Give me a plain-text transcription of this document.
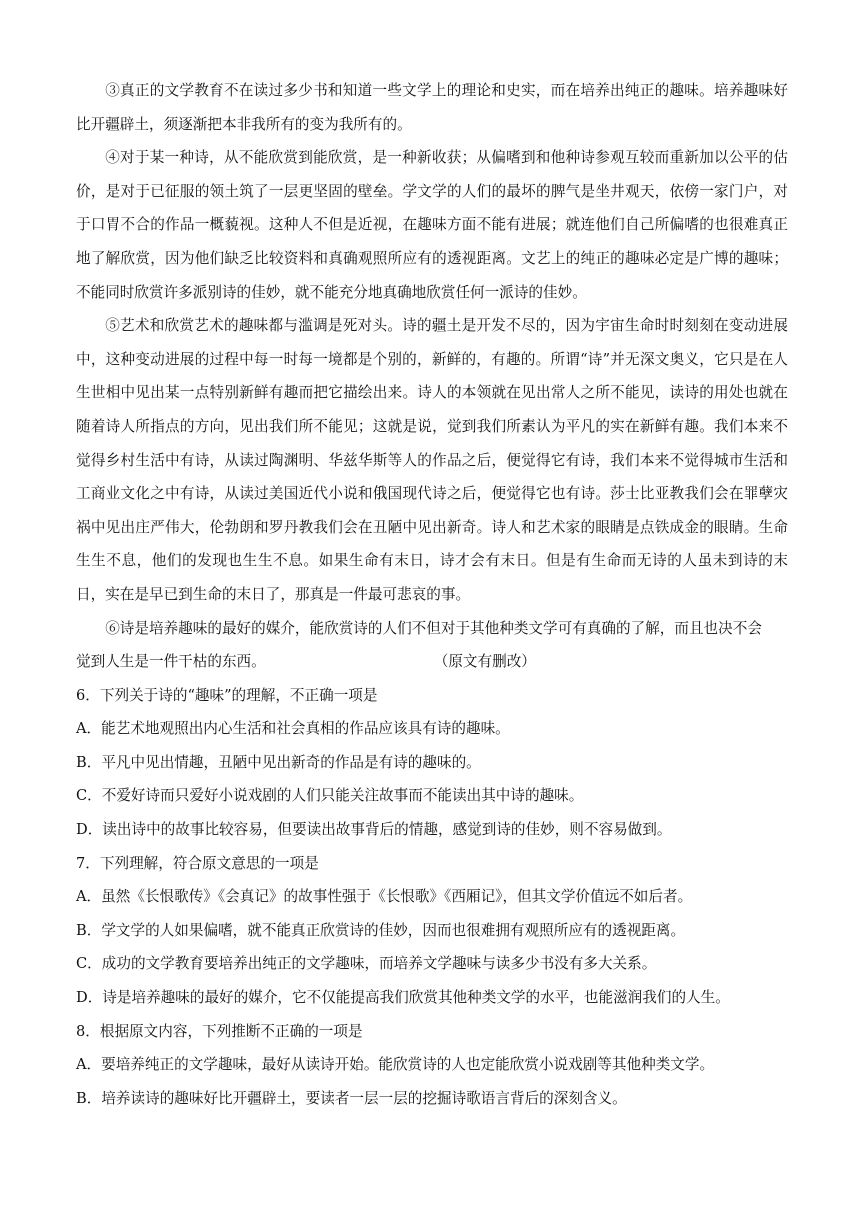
③真正的文学教育不在读过多少书和知道一些文学上的理论和史实，而在培养出纯正的趣味。培养趣味好比开疆辟土，须逐渐把本非我所有的变为我所有的。

④对于某一种诗，从不能欣赏到能欣赏，是一种新收获；从偏嗜到和他种诗参观互较而重新加以公平的估价，是对于已征服的领土筑了一层更坚固的壁垒。学文学的人们的最坏的脾气是坐井观天，依傍一家门户，对于口胃不合的作品一概藐视。这种人不但是近视，在趣味方面不能有进展；就连他们自己所偏嗜的也很难真正地了解欣赏，因为他们缺乏比较资料和真确观照所应有的透视距离。文艺上的纯正的趣味必定是广博的趣味；不能同时欣赏许多派别诗的佳妙，就不能充分地真确地欣赏任何一派诗的佳妙。

⑤艺术和欣赏艺术的趣味都与滥调是死对头。诗的疆土是开发不尽的，因为宇宙生命时时刻刻在变动进展中，这种变动进展的过程中每一时每一境都是个别的，新鲜的，有趣的。所谓“诗”并无深文奥义，它只是在人生世相中见出某一点特别新鲜有趣而把它描绘出来。诗人的本领就在见出常人之所不能见，读诗的用处也就在随着诗人所指点的方向，见出我们所不能见；这就是说，觉到我们所素认为平凡的实在新鲜有趣。我们本来不觉得乡村生活中有诗，从读过陶渊明、华兹华斯等人的作品之后，便觉得它有诗，我们本来不觉得城市生活和工商业文化之中有诗，从读过美国近代小说和俄国现代诗之后，便觉得它也有诗。莎士比亚教我们会在罪孽灾祸中见出庄严伟大，伦勃朗和罗丹教我们会在丑陋中见出新奇。诗人和艺术家的眼睛是点铁成金的眼睛。生命生生不息，他们的发现也生生不息。如果生命有末日，诗才会有末日。但是有生命而无诗的人虽未到诗的末日，实在是早已到生命的末日了，那真是一件最可悲哀的事。

⑥诗是培养趣味的最好的媒介，能欣赏诗的人们不但对于其他种类文学可有真确的了解，而且也决不会
觉到人生是一件干枯的东西。	（原文有删改）
6．下列关于诗的“趣味”的理解，不正确一项是
A．能艺术地观照出内心生活和社会真相的作品应该具有诗的趣味。
B．平凡中见出情趣，丑陋中见出新奇的作品是有诗的趣味的。
C．不爱好诗而只爱好小说戏剧的人们只能关注故事而不能读出其中诗的趣味。
D．读出诗中的故事比较容易，但要读出故事背后的情趣，感觉到诗的佳妙，则不容易做到。
7．下列理解，符合原文意思的一项是
A．虽然《长恨歌传》《会真记》的故事性强于《长恨歌》《西厢记》，但其文学价值远不如后者。
B．学文学的人如果偏嗜，就不能真正欣赏诗的佳妙，因而也很难拥有观照所应有的透视距离。
C．成功的文学教育要培养出纯正的文学趣味，而培养文学趣味与读多少书没有多大关系。
D．诗是培养趣味的最好的媒介，它不仅能提高我们欣赏其他种类文学的水平，也能滋润我们的人生。
8．根据原文内容，下列推断不正确的一项是
A．要培养纯正的文学趣味，最好从读诗开始。能欣赏诗的人也定能欣赏小说戏剧等其他种类文学。
B．培养读诗的趣味好比开疆辟土，要读者一层一层的挖掘诗歌语言背后的深刻含义。
